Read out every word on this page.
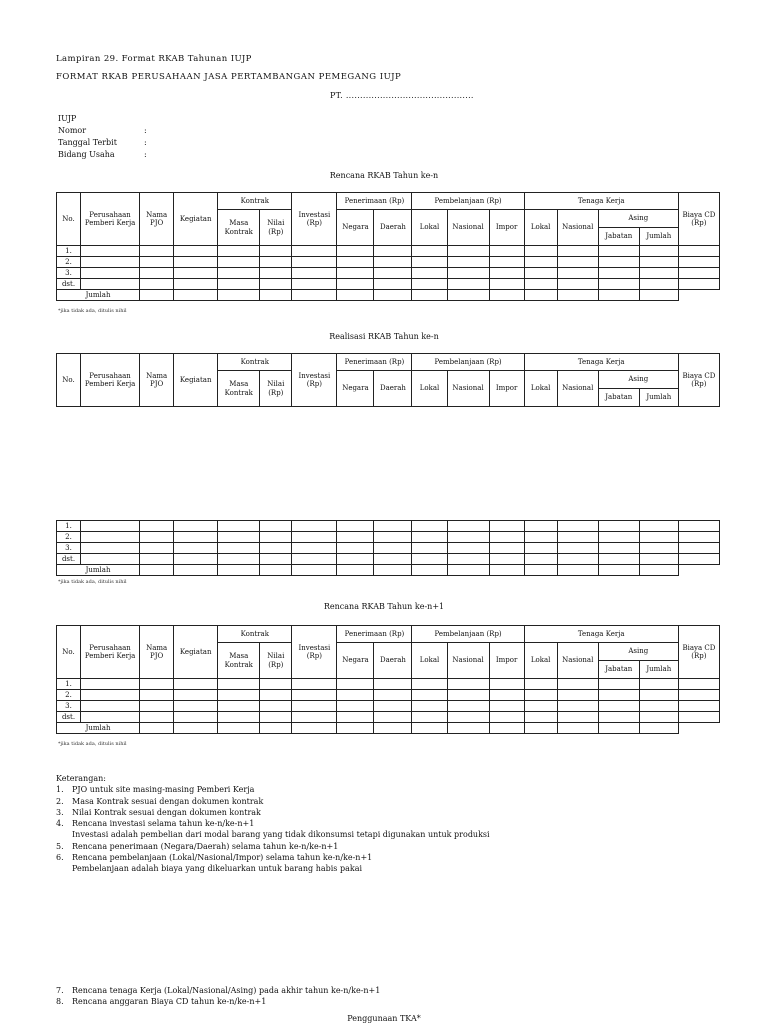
Lampiran 29. Format RKAB Tahunan IUJP
FORMAT RKAB PERUSAHAAN JASA PERTAMBANGAN PEMEGANG IUJP
PT. .............................................
IUJP
Nomor	:
Tanggal Terbit	:
Bidang Usaha	:
Rencana RKAB Tahun ke-n
No.	Perusahaan Pemberi Kerja	Nama PJO	Kegiatan	Kontrak		Investasi (Rp)	Penerimaan (Rp)		Pembelanjaan (Rp)			Tenaga Kerja				Biaya CD (Rp)
				Masa Kontrak	Nilai (Rp)		Negara	Daerah	Lokal	Nasional	Impor	Lokal	Nasional	Asing		
														Jabatan	Jumlah	
1.																
2.																
3.																
dst.																
Jumlah																
*jika tidak ada, ditulis nihil
Realisasi RKAB Tahun ke-n
No.	Perusahaan Pemberi Kerja	Nama PJO	Kegiatan	Kontrak		Investasi (Rp)	Penerimaan (Rp)		Pembelanjaan (Rp)			Tenaga Kerja				Biaya CD (Rp)
				Masa Kontrak	Nilai (Rp)		Negara	Daerah	Lokal	Nasional	Impor	Lokal	Nasional	Asing		
														Jabatan	Jumlah	
1.																
2.																
3.																
dst.																
Jumlah																
*jika tidak ada, ditulis nihil
Rencana RKAB Tahun ke-n+1
No.	Perusahaan Pemberi Kerja	Nama PJO	Kegiatan	Kontrak		Investasi (Rp)	Penerimaan (Rp)		Pembelanjaan (Rp)			Tenaga Kerja				Biaya CD (Rp)
				Masa Kontrak	Nilai (Rp)		Negara	Daerah	Lokal	Nasional	Impor	Lokal	Nasional	Asing		
														Jabatan	Jumlah	
1.																
2.																
3.																
dst.																
Jumlah																
*jika tidak ada, ditulis nihil
Keterangan:
1.	PJO untuk site masing-masing Pemberi Kerja
2.	Masa Kontrak sesuai dengan dokumen kontrak
3.	Nilai Kontrak sesuai dengan dokumen kontrak
4.	Rencana investasi selama tahun ke-n/ke-n+1
Investasi adalah pembelian dari modal barang yang tidak dikonsumsi tetapi digunakan untuk produksi
5.	Rencana penerimaan (Negara/Daerah) selama tahun ke-n/ke-n+1
6.	Rencana pembelanjaan (Lokal/Nasional/Impor) selama tahun ke-n/ke-n+1
Pembelanjaan adalah biaya yang dikeluarkan untuk barang habis pakai
7.	Rencana tenaga Kerja (Lokal/Nasional/Asing) pada akhir tahun ke-n/ke-n+1
8.	Rencana anggaran Biaya CD tahun ke-n/ke-n+1
Penggunaan TKA*
